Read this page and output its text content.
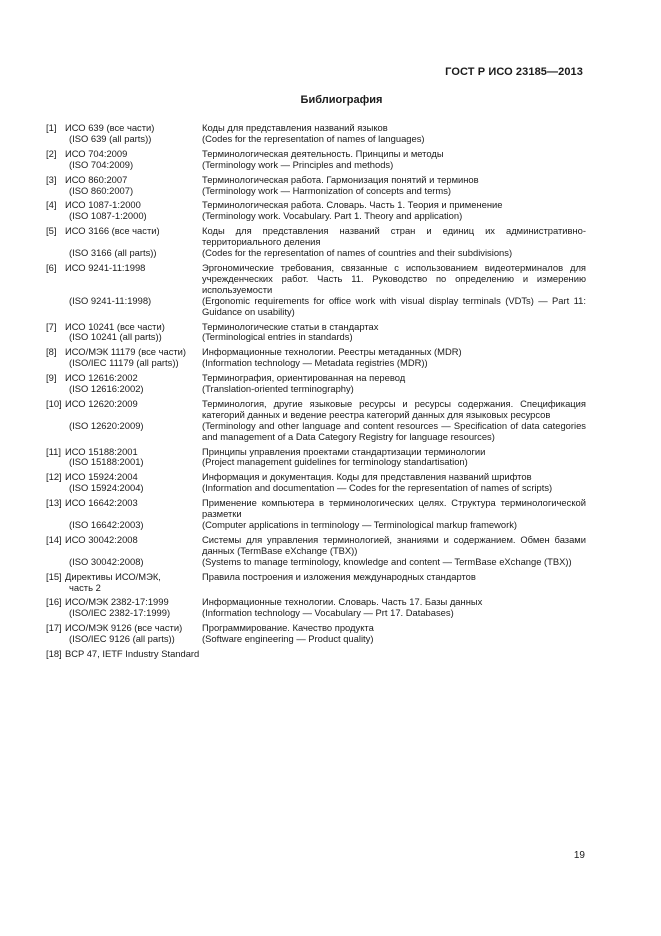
ГОСТ Р ИСО 23185—2013
Библиография
[1] ИСО 639 (все части)
(ISO 639 (all parts))
Коды для представления названий языков
(Codes for the representation of names of languages)
[2] ИСО 704:2009
(ISO 704:2009)
Терминологическая деятельность. Принципы и методы
(Terminology work — Principles and methods)
[3] ИСО 860:2007
(ISO 860:2007)
Терминологическая работа. Гармонизация понятий и терминов
(Terminology work — Harmonization of concepts and terms)
[4] ИСО 1087-1:2000
(ISO 1087-1:2000)
Терминологическая работа. Словарь. Часть 1. Теория и применение
(Terminology work. Vocabulary. Part 1. Theory and application)
[5] ИСО 3166 (все части)

(ISO 3166 (all parts))
Коды для представления названий стран и единиц их административно-территориального деления
(Codes for the representation of names of countries and their subdivisions)
[6] ИСО 9241-11:1998

(ISO 9241-11:1998)
Эргономические требования, связанные с использованием видеотерминалов для учрежденческих работ. Часть 11. Руководство по определению и измерению используемости
(Ergonomic requirements for office work with visual display terminals (VDTs) — Part 11: Guidance on usability)
[7] ИСО 10241 (все части)
(ISO 10241 (all parts))
Терминологические статьи в стандартах
(Terminological entries in standards)
[8] ИСО/МЭК 11179 (все части)
(ISO/IEC 11179 (all parts))
Информационные технологии. Реестры метаданных (MDR)
(Information technology — Metadata registries (MDR))
[9] ИСО 12616:2002
(ISO 12616:2002)
Терминография, ориентированная на перевод
(Translation-oriented terminography)
[10] ИСО 12620:2009

(ISO 12620:2009)
Терминология, другие языковые ресурсы и ресурсы содержания. Спецификация категорий данных и ведение реестра категорий данных для языковых ресурсов
(Terminology and other language and content resources — Specification of data categories and management of a Data Category Registry for language resources)
[11] ИСО 15188:2001
(ISO 15188:2001)
Принципы управления проектами стандартизации терминологии
(Project management guidelines for terminology standartisation)
[12] ИСО 15924:2004
(ISO 15924:2004)
Информация и документация. Коды для представления названий шрифтов
(Information and documentation — Codes for the representation of names of scripts)
[13] ИСО 16642:2003

(ISO 16642:2003)
Применение компьютера в терминологических целях. Структура терминологической разметки
(Computer applications in terminology — Terminological markup framework)
[14] ИСО 30042:2008

(ISO 30042:2008)
Системы для управления терминологией, знаниями и содержанием. Обмен базами данных (TermBase eXchange (TBX))
(Systems to manage terminology, knowledge and content — TermBase eXchange (TBX))
[15] Директивы ИСО/МЭК,
часть 2
Правила построения и изложения международных стандартов
[16] ИСО/МЭК 2382-17:1999
(ISO/IEC 2382-17:1999)
Информационные технологии. Словарь. Часть 17. Базы данных
(Information technology — Vocabulary — Prt 17. Databases)
[17] ИСО/МЭК 9126 (все части)
(ISO/IEC 9126 (all parts))
Программирование. Качество продукта
(Software engineering — Product quality)
[18] BCP 47, IETF Industry Standard
19
